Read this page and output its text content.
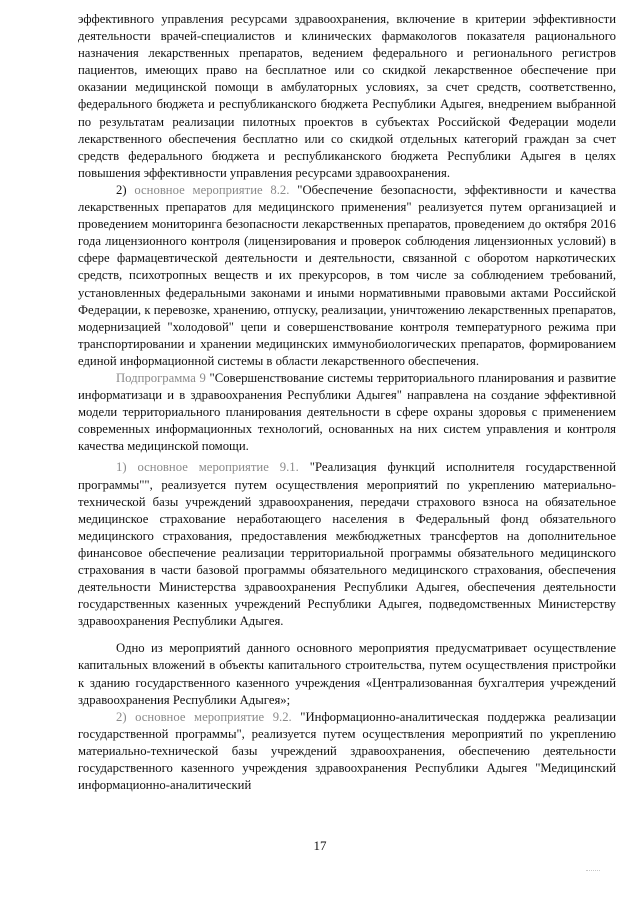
эффективного управления ресурсами здравоохранения, включение в критерии эффективности деятельности врачей-специалистов и клинических фармакологов показателя рационального назначения лекарственных препаратов, ведением федерального и регионального регистров пациентов, имеющих право на бесплатное или со скидкой лекарственное обеспечение при оказании медицинской помощи в амбулаторных условиях, за счет средств, соответственно, федерального бюджета и республиканского бюджета Республики Адыгея, внедрением выбранной по результатам реализации пилотных проектов в субъектах Российской Федерации модели лекарственного обеспечения бесплатно или со скидкой отдельных категорий граждан за счет средств федерального бюджета и республиканского бюджета Республики Адыгея в целях повышения эффективности управления ресурсами здравоохранения.

2) основное мероприятие 8.2. "Обеспечение безопасности, эффективности и качества лекарственных препаратов для медицинского применения" реализуется путем организацией и проведением мониторинга безопасности лекарственных препаратов, проведением до октября 2016 года лицензионного контроля (лицензирования и проверок соблюдения лицензионных условий) в сфере фармацевтической деятельности и деятельности, связанной с оборотом наркотических средств, психотропных веществ и их прекурсоров, в том числе за соблюдением требований, установленных федеральными законами и иными нормативными правовыми актами Российской Федерации, к перевозке, хранению, отпуску, реализации, уничтожению лекарственных препаратов, модернизацией "холодовой" цепи и совершенствование контроля температурного режима при транспортировании и хранении медицинских иммунобиологических препаратов, формированием единой информационной системы в области лекарственного обеспечения.

Подпрограмма 9 "Совершенствование системы территориального планирования и развитие информатизаци и в здравоохранения Республики Адыгея" направлена на создание эффективной модели территориального планирования деятельности в сфере охраны здоровья с применением современных информационных технологий, основанных на них систем управления и контроля качества медицинской помощи.

1) основное мероприятие 9.1. "Реализация функций исполнителя государственной программы"", реализуется путем осуществления мероприятий по укреплению материально-технической базы учреждений здравоохранения, передачи страхового взноса на обязательное медицинское страхование неработающего населения в Федеральный фонд обязательного медицинского страхования, предоставления межбюджетных трансфертов на дополнительное финансовое обеспечение реализации территориальной программы обязательного медицинского страхования в части базовой программы обязательного медицинского страхования, обеспечения деятельности Министерства здравоохранения Республики Адыгея, обеспечения деятельности государственных казенных учреждений Республики Адыгея, подведомственных Министерству здравоохранения Республики Адыгея.

Одно из мероприятий данного основного мероприятия предусматривает осуществление капитальных вложений в объекты капитального строительства, путем осуществления пристройки к зданию государственного казенного учреждения «Централизованная бухгалтерия учреждений здравоохранения Республики Адыгея»;

2) основное мероприятие 9.2. "Информационно-аналитическая поддержка реализации государственной программы", реализуется путем осуществления мероприятий по укреплению материально-технической базы учреждений здравоохранения, обеспечению деятельности государственного казенного учреждения здравоохранения Республики Адыгея "Медицинский информационно-аналитический

17
